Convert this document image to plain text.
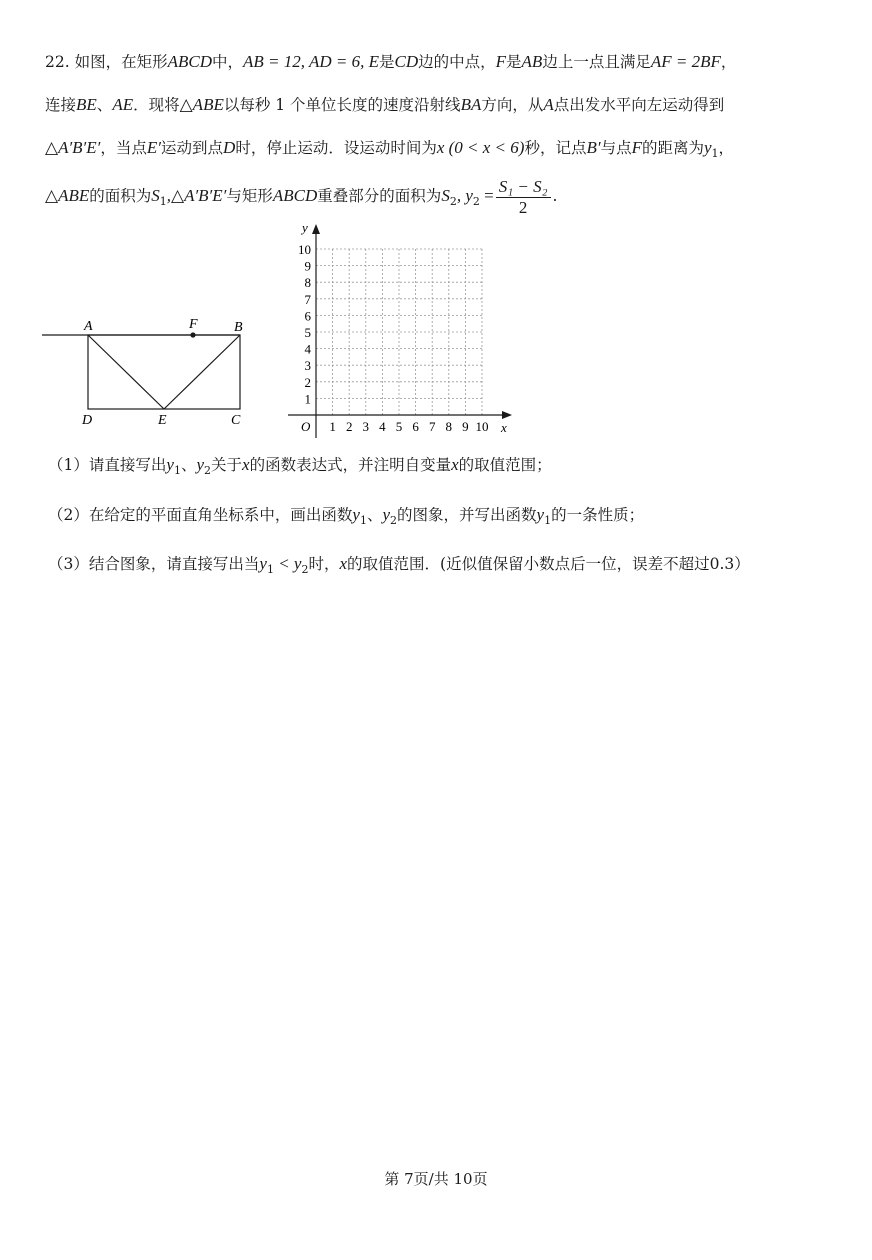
22. 如图，在矩形ABCD中，AB = 12, AD = 6, E是CD边的中点，F是AB边上一点且满足AF = 2BF，
连接BE、AE．现将△ABE以每秒 1 个单位长度的速度沿射线BA方向，从A点出发水平向左运动得到
△A′B′E′，当点E′运动到点D时，停止运动．设运动时间为x (0 < x < 6)秒，记点B′与点F的距离为$y_1$，
△ABE的面积为$S_1,\triangle A'B'E'$与矩形ABCD重叠部分的面积为$S_2$, $y_2 = \frac{\text{S₁ − S₂}}{2}$ .
A	F	B
D	E	C
y
x
O 1 2 3 4 5 6 7 8 9 10
1
2
3
4
5
6
7
8
9
10
（1）请直接写出$y_1$、$y_2$关于x的函数表达式，并注明自变量x的取值范围；
（2）在给定的平面直角坐标系中，画出函数$y_1$、$y_2$的图象，并写出函数$y_1$的一条性质；
（3）结合图象，请直接写出当$y_1 < y_2$时，x的取值范围．(近似值保留小数点后一位，误差不超过0.3）
第 7页/共 10页
